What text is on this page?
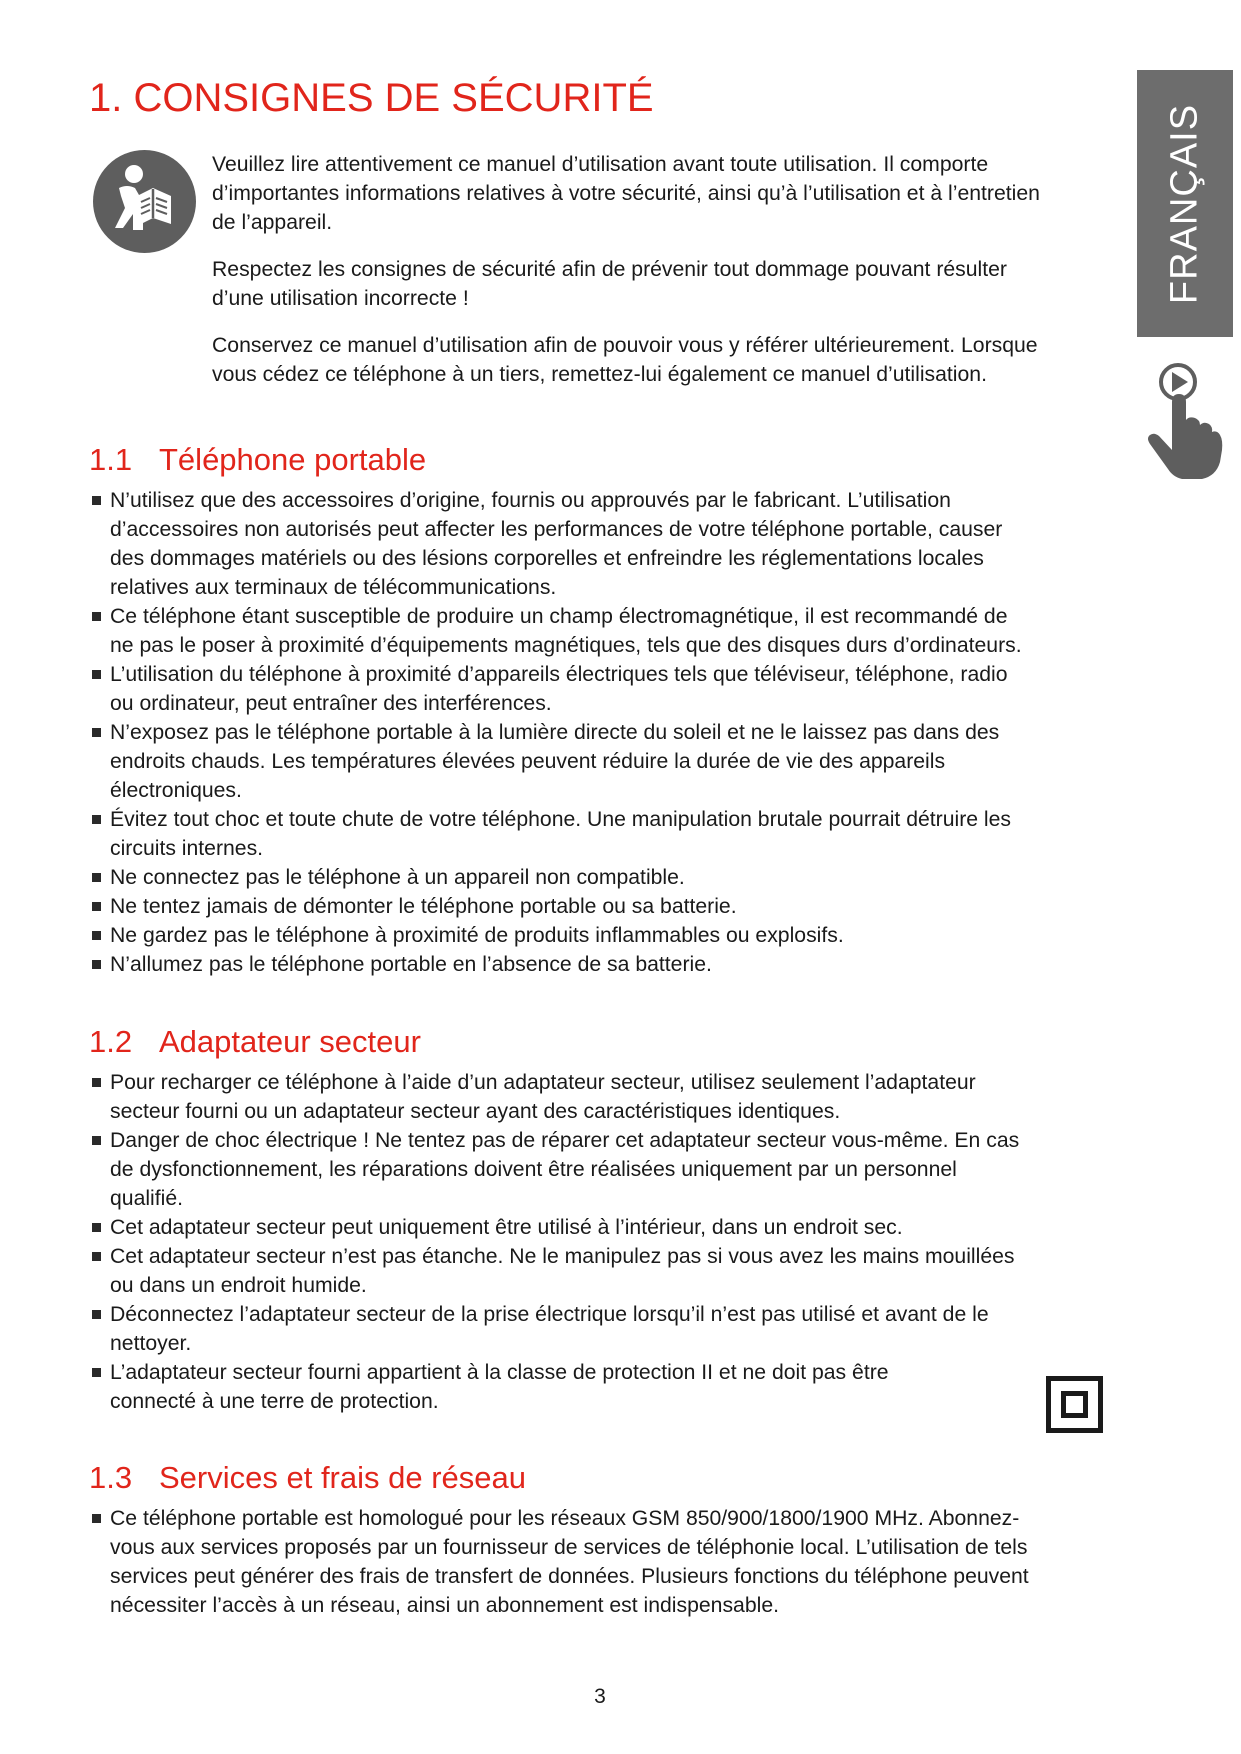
1. CONSIGNES DE SÉCURITÉ
FRANÇAIS

Veuillez lire attentivement ce manuel d’utilisation avant toute utilisation. Il comporte d’importantes informations relatives à votre sécurité, ainsi qu’à l’utilisation et à l’entretien de l’appareil.

Respectez les consignes de sécurité afin de prévenir tout dommage pouvant résulter d’une utilisation incorrecte !

Conservez ce manuel d’utilisation afin de pouvoir vous y référer ultérieurement. Lorsque vous cédez ce téléphone à un tiers, remettez-lui également ce manuel d’utilisation.

1.1 Téléphone portable
N’utilisez que des accessoires d’origine, fournis ou approuvés par le fabricant. L’utilisation d’accessoires non autorisés peut affecter les performances de votre téléphone portable, causer des dommages matériels ou des lésions corporelles et enfreindre les réglementations locales relatives aux terminaux de télécommunications.
Ce téléphone étant susceptible de produire un champ électromagnétique, il est recommandé de ne pas le poser à proximité d’équipements magnétiques, tels que des disques durs d’ordinateurs.
L’utilisation du téléphone à proximité d’appareils électriques tels que téléviseur, téléphone, radio ou ordinateur, peut entraîner des interférences.
N’exposez pas le téléphone portable à la lumière directe du soleil et ne le laissez pas dans des endroits chauds. Les températures élevées peuvent réduire la durée de vie des appareils électroniques.
Évitez tout choc et toute chute de votre téléphone. Une manipulation brutale pourrait détruire les circuits internes.
Ne connectez pas le téléphone à un appareil non compatible.
Ne tentez jamais de démonter le téléphone portable ou sa batterie.
Ne gardez pas le téléphone à proximité de produits inflammables ou explosifs.
N’allumez pas le téléphone portable en l’absence de sa batterie.
1.2 Adaptateur secteur
Pour recharger ce téléphone à l’aide d’un adaptateur secteur, utilisez seulement l’adaptateur secteur fourni ou un adaptateur secteur ayant des caractéristiques identiques.
Danger de choc électrique ! Ne tentez pas de réparer cet adaptateur secteur vous-même. En cas de dysfonctionnement, les réparations doivent être réalisées uniquement par un personnel qualifié.
Cet adaptateur secteur peut uniquement être utilisé à l’intérieur, dans un endroit sec.
Cet adaptateur secteur n’est pas étanche. Ne le manipulez pas si vous avez les mains mouillées ou dans un endroit humide.
Déconnectez l’adaptateur secteur de la prise électrique lorsqu’il n’est pas utilisé et avant de le nettoyer.
L’adaptateur secteur fourni appartient à la classe de protection II et ne doit pas être connecté à une terre de protection.
1.3 Services et frais de réseau
Ce téléphone portable est homologué pour les réseaux GSM 850/900/1800/1900 MHz. Abonnez-vous aux services proposés par un fournisseur de services de téléphonie local. L’utilisation de tels services peut générer des frais de transfert de données. Plusieurs fonctions du téléphone peuvent nécessiter l’accès à un réseau, ainsi un abonnement est indispensable.
3
